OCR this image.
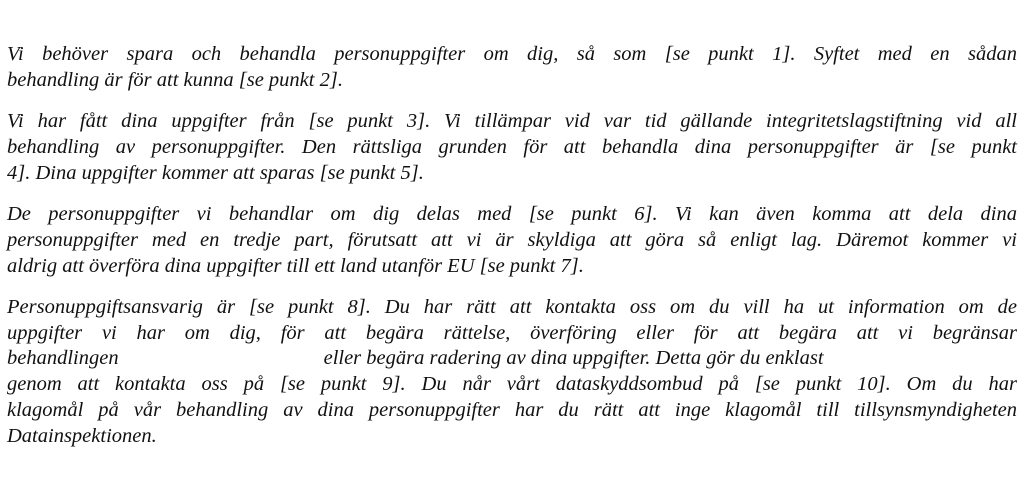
Vi behöver spara och behandla personuppgifter om dig, så som [se punkt 1]. Syftet med en sådan
behandling är för att kunna [se punkt 2].

Vi har fått dina uppgifter från [se punkt 3]. Vi tillämpar vid var tid gällande integritetslagstiftning vid all
behandling av personuppgifter. Den rättsliga grunden för att behandla dina personuppgifter är [se punkt
4]. Dina uppgifter kommer att sparas [se punkt 5].

De personuppgifter vi behandlar om dig delas med [se punkt 6]. Vi kan även komma att dela dina
personuppgifter med en tredje part, förutsatt att vi är skyldiga att göra så enligt lag. Däremot kommer vi
aldrig att överföra dina uppgifter till ett land utanför EU [se punkt 7].

Personuppgiftsansvarig är [se punkt 8]. Du har rätt att kontakta oss om du vill ha ut information om de
uppgifter vi har om dig, för att begära rättelse, överföring eller för att begära att vi begränsar
behandlingen	eller begära radering av dina uppgifter. Detta gör du enklast
genom att kontakta oss på [se punkt 9]. Du når vårt dataskyddsombud på [se punkt 10]. Om du har
klagomål på vår behandling av dina personuppgifter har du rätt att inge klagomål till tillsynsmyndigheten
Datainspektionen.
